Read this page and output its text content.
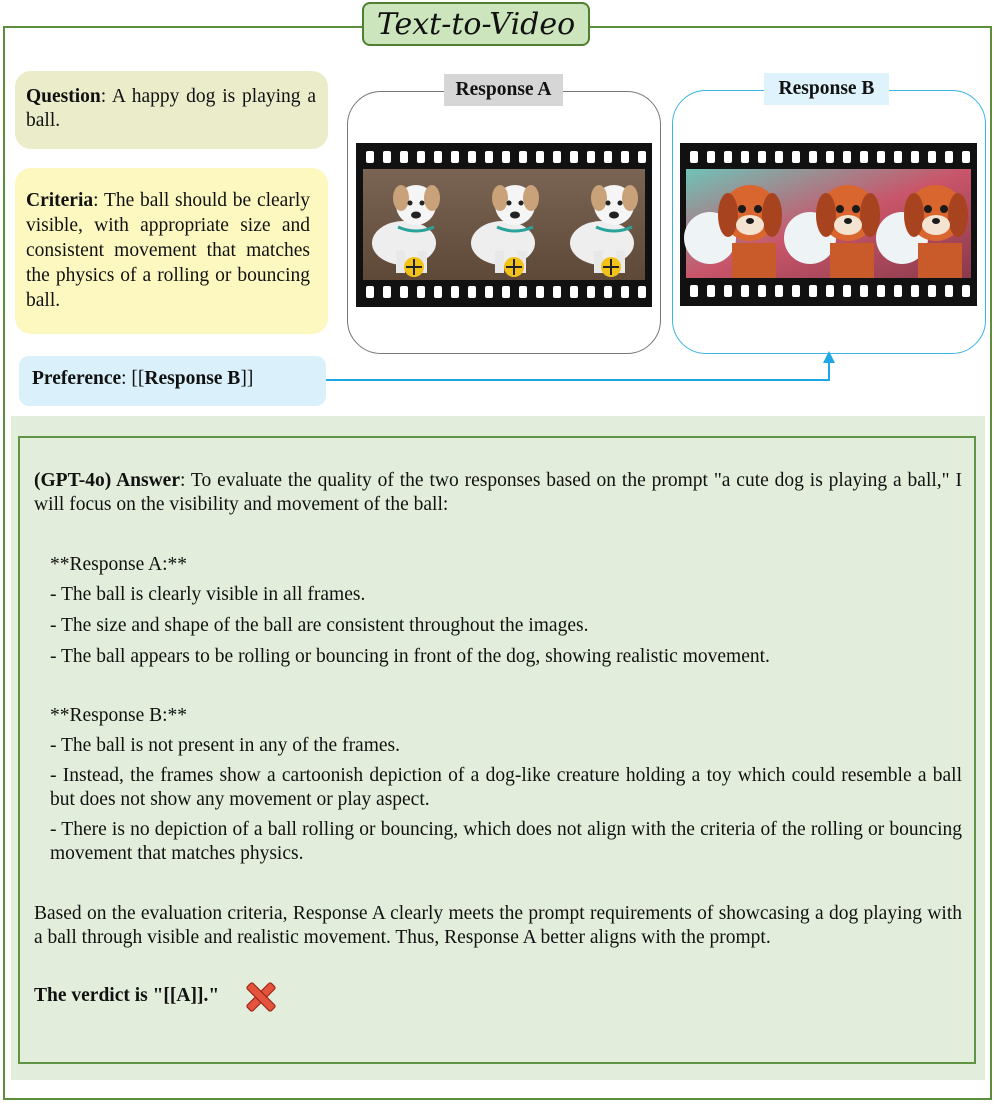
Text-to-Video
Question: A happy dog is playing a ball.
Criteria: The ball should be clearly visible, with appropriate size and consistent movement that matches the physics of a rolling or bouncing ball.
Preference: [[Response B]]
Response A	Response B
(GPT-4o) Answer: To evaluate the quality of the two responses based on the prompt "a cute dog is playing a ball," I will focus on the visibility and movement of the ball:
**Response A:**
- The ball is clearly visible in all frames.
- The size and shape of the ball are consistent throughout the images.
- The ball appears to be rolling or bouncing in front of the dog, showing realistic movement.
**Response B:**
- The ball is not present in any of the frames.
- Instead, the frames show a cartoonish depiction of a dog-like creature holding a toy which could resemble a ball but does not show any movement or play aspect.
- There is no depiction of a ball rolling or bouncing, which does not align with the criteria of the rolling or bouncing movement that matches physics.
Based on the evaluation criteria, Response A clearly meets the prompt requirements of showcasing a dog playing with a ball through visible and realistic movement. Thus, Response A better aligns with the prompt.
The verdict is "[[A]]."
